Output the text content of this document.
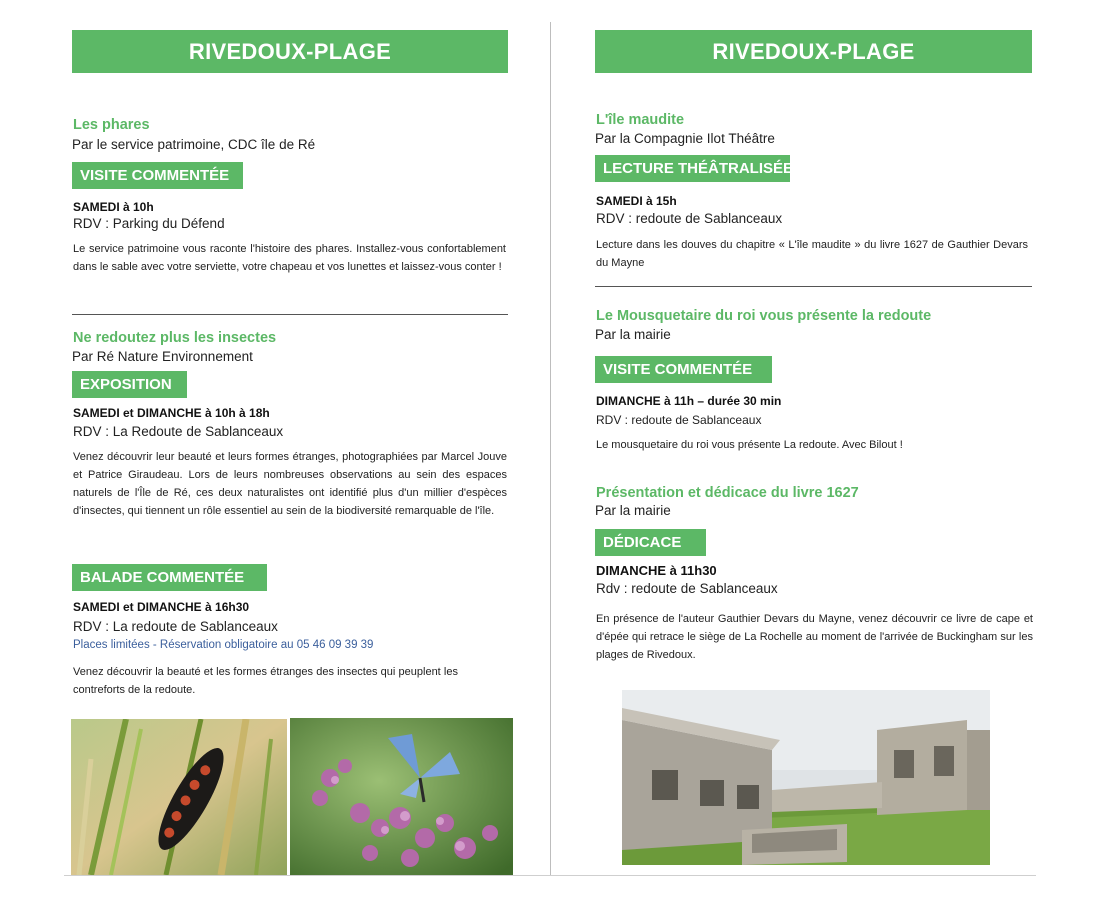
RIVEDOUX-PLAGE
Les phares
Par le service patrimoine, CDC île de Ré
VISITE COMMENTÉE
SAMEDI à 10h
RDV : Parking du Défend
Le service patrimoine vous raconte l'histoire des phares. Installez-vous confortablement dans le sable avec votre serviette, votre chapeau et vos lunettes et laissez-vous conter !
Ne redoutez plus les insectes
Par Ré Nature Environnement
EXPOSITION
SAMEDI et DIMANCHE à 10h à 18h
RDV : La Redoute de Sablanceaux
Venez découvrir leur beauté et leurs formes étranges, photographiées par Marcel Jouve et Patrice Giraudeau. Lors de leurs nombreuses observations au sein des espaces naturels de l'Île de Ré, ces deux naturalistes ont identifié plus d'un millier d'espèces d'insectes, qui tiennent un rôle essentiel au sein de la biodiversité remarquable de l'île.
BALADE COMMENTÉE
SAMEDI et DIMANCHE à 16h30
RDV : La redoute de Sablanceaux
Places limitées - Réservation obligatoire au 05 46 09 39 39
Venez découvrir la beauté et les formes étranges des insectes qui peuplent les contreforts de la redoute.
RIVEDOUX-PLAGE
L'île maudite
Par la Compagnie Ilot Théâtre
LECTURE THÉÂTRALISÉE
SAMEDI à 15h
RDV : redoute de Sablanceaux
Lecture dans les douves du chapitre « L'île maudite » du livre 1627 de Gauthier Devars du Mayne
Le Mousquetaire du roi vous présente la redoute
Par la mairie
VISITE COMMENTÉE
DIMANCHE à 11h – durée 30 min
RDV : redoute de Sablanceaux
Le mousquetaire du roi vous présente La redoute. Avec Bilout !
Présentation et dédicace du livre 1627
Par la mairie
DÉDICACE
DIMANCHE à 11h30
Rdv : redoute de Sablanceaux
En présence de l'auteur Gauthier Devars du Mayne, venez découvrir ce livre de cape et d'épée qui retrace le siège de La Rochelle au moment de l'arrivée de Buckingham sur les plages de Rivedoux.
